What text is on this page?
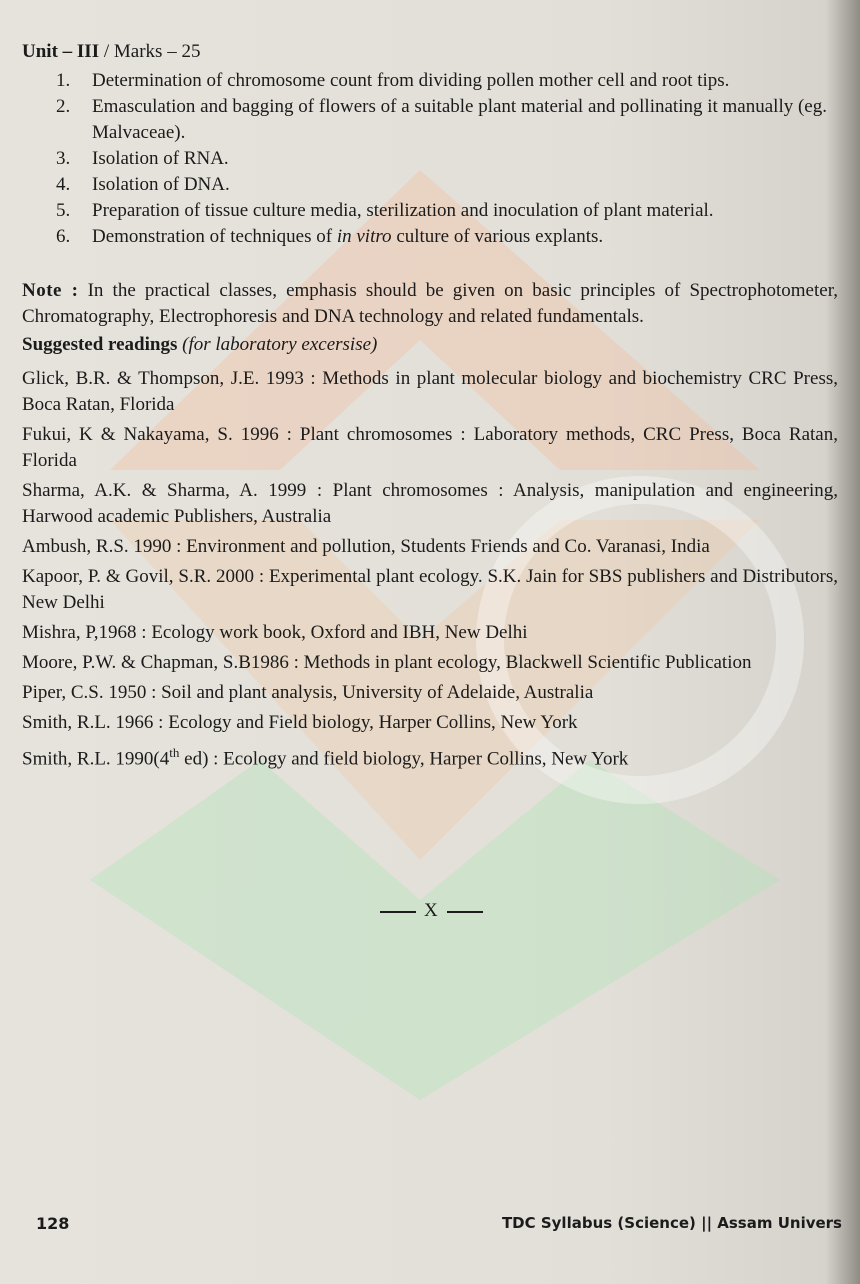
Unit – III / Marks – 25
1. Determination of chromosome count from dividing pollen mother cell and root tips.
2. Emasculation and bagging of flowers of a suitable plant material and pollinating it manually (eg. Malvaceae).
3. Isolation of RNA.
4. Isolation of DNA.
5. Preparation of tissue culture media, sterilization and inoculation of plant material.
6. Demonstration of techniques of in vitro culture of various explants.
Note : In the practical classes, emphasis should be given on basic principles of Spectrophotometer, Chromatography, Electrophoresis and DNA technology and related fundamentals.
Suggested readings (for laboratory excersise)
Glick, B.R. & Thompson, J.E. 1993 : Methods in plant molecular biology and biochemistry CRC Press, Boca Ratan, Florida
Fukui, K & Nakayama, S. 1996 : Plant chromosomes : Laboratory methods, CRC Press, Boca Ratan, Florida
Sharma, A.K. & Sharma, A. 1999 : Plant chromosomes : Analysis, manipulation and engineering, Harwood academic Publishers, Australia
Ambush, R.S. 1990 : Environment and pollution, Students Friends and Co. Varanasi, India
Kapoor, P. & Govil, S.R. 2000 : Experimental plant ecology. S.K. Jain for SBS publishers and Distributors, New Delhi
Mishra, P,1968 : Ecology work book, Oxford and IBH, New Delhi
Moore, P.W. & Chapman, S.B1986 : Methods in plant ecology, Blackwell Scientific Publication
Piper, C.S. 1950 : Soil and plant analysis, University of Adelaide, Australia
Smith, R.L. 1966 : Ecology and Field biology, Harper Collins, New York
Smith, R.L. 1990(4th ed) : Ecology and field biology, Harper Collins, New York
X
128	TDC Syllabus (Science) || Assam Univers
